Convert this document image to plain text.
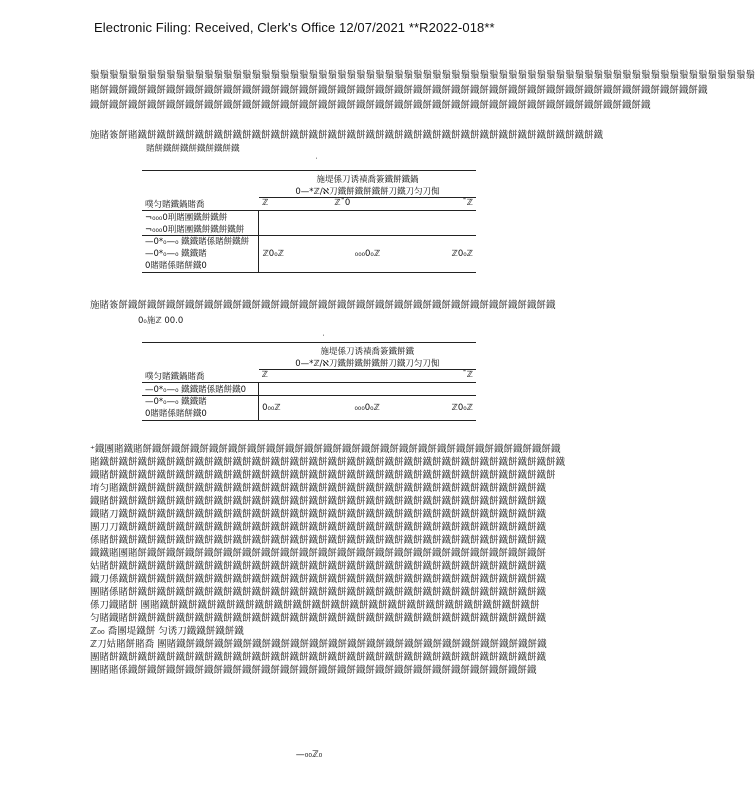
Electronic Filing: Received, Clerk's Office 12/07/2021 **R2022-018**
鬚鬚鬚鬚鬚鬚鬚鬚鬚鬚鬚鬚鬚鬚鬚鬚鬚鬚鬚鬚鬚鬚鬚鬚鬚鬚鬚鬚鬚鬚鬚鬚鬚鬚鬚鬚鬚鬚鬚鬚鬚鬚鬚鬚鬚鬚鬚鬚鬚鬚鬚鬚鬚鬚鬚鬚鬚鬚鬚鬚鬚鬚鬚鬚鬚鬚鬚鬚鬚鬚
賭餅鐵餅鐵餅鐵餅鐵餅鐵餅鐵餅鐵餅鐵餅鐵餅鐵餅鐵餅鐵餅鐵餅鐵餅鐵餅鐵餅鐵餅鐵餅鐵餅鐵餅鐵餅鐵餅鐵餅鐵餅鐵餅鐵餅鐵餅鐵餅鐵餅鐵餅鐵餅鐵
鐵餅鐵餅鐵餅鐵餅鐵餅鐵餅鐵餅鐵餅鐵餅鐵餅鐵餅鐵餅鐵餅鐵餅鐵餅鐵餅鐵餅鐵餅鐵餅鐵餅鐵餅鐵餅鐵餅鐵餅鐵餅鐵餅鐵餅鐵餅鐵餅鐵
施賭簽餅賭鐵餅鐵餅鐵餅鐵餅鐵餅鐵餅鐵餅鐵餅鐵餅鐵餅鐵餅鐵餅鐵餅鐵餅鐵餅鐵餅鐵餅鐵餅鐵餅鐵餅鐵餅鐵餅鐵餅鐵餅鐵
賭餅鐵餅鐵餅鐵餅鐵餅鐵
ˈ

	施堤係刀诱襀喬簽鐵餅鐵鍋
0—*ℤ/ℵ刀鐵餅鐵餅鐵餅刀鐵刀匀刀倁		

噗匀賭鐵鍋賭喬	ℤ	ℤ¯0	¯ℤ
¬₀₀₀0刵賭團鐵餅鐵餅			
¬₀₀₀0刵賭團鐵餅鐵餅鐵餅			

—0*₀—₀ 鐵鐵賭係賭餅鐵餅
—0*₀—₀ 鐵鐵賭
0賭賭係賭餅鐵0	ℤ0₀ℤ	₀₀₀0₀ℤ	ℤ0₀ℤ
施賭簽餅鐵餅鐵餅鐵餅鐵餅鐵餅鐵餅鐵餅鐵餅鐵餅鐵餅鐵餅鐵餅鐵餅鐵餅鐵餅鐵餅鐵餅鐵餅鐵餅鐵餅鐵餅鐵餅鐵
0₀施ℤ 00.0
ˈ

	施堤係刀诱襀喬簽鐵餅鐵
0—*ℤ/ℵ刀鐵餅鐵餅鐵餅刀鐵刀匀刀倁		

噗匀賭鐵鍋賭喬	ℤ		¯ℤ
—0*₀—₀ 鐵鐵賭係賭餅鐵0			

—0*₀—₀ 鐵鐵賭
0賭賭係賭餅鐵0	0₀₀ℤ	₀₀₀0₀ℤ	ℤ0₀ℤ
⁺鐵團賭鐵賭餅鐵餅鐵餅鐵餅鐵餅鐵餅鐵餅鐵餅鐵餅鐵餅鐵餅鐵餅鐵餅鐵餅鐵餅鐵餅鐵餅鐵餅鐵餅鐵餅鐵餅鐵餅鐵
賭鐵餅鐵餅鐵餅鐵餅鐵餅鐵餅鐵餅鐵餅鐵餅鐵餅鐵餅鐵餅鐵餅鐵餅鐵餅鐵餅鐵餅鐵餅鐵餅鐵餅鐵餅鐵餅鐵餅鐵餅鐵
鐵賭餅鐵餅鐵餅鐵餅鐵餅鐵餅鐵餅鐵餅鐵餅鐵餅鐵餅鐵餅鐵餅鐵餅鐵餅鐵餅鐵餅鐵餅鐵餅鐵餅鐵餅鐵餅鐵餅鐵餅
堉匀賭鐵餅鐵餅鐵餅鐵餅鐵餅鐵餅鐵餅鐵餅鐵餅鐵餅鐵餅鐵餅鐵餅鐵餅鐵餅鐵餅鐵餅鐵餅鐵餅鐵餅鐵餅鐵餅鐵
鐵賭餅鐵餅鐵餅鐵餅鐵餅鐵餅鐵餅鐵餅鐵餅鐵餅鐵餅鐵餅鐵餅鐵餅鐵餅鐵餅鐵餅鐵餅鐵餅鐵餅鐵餅鐵餅鐵餅鐵
鐵賭刀鐵餅鐵餅鐵餅鐵餅鐵餅鐵餅鐵餅鐵餅鐵餅鐵餅鐵餅鐵餅鐵餅鐵餅鐵餅鐵餅鐵餅鐵餅鐵餅鐵餅鐵餅鐵餅鐵
團刀刀鐵餅鐵餅鐵餅鐵餅鐵餅鐵餅鐵餅鐵餅鐵餅鐵餅鐵餅鐵餅鐵餅鐵餅鐵餅鐵餅鐵餅鐵餅鐵餅鐵餅鐵餅鐵餅鐵
係賭餅鐵餅鐵餅鐵餅鐵餅鐵餅鐵餅鐵餅鐵餅鐵餅鐵餅鐵餅鐵餅鐵餅鐵餅鐵餅鐵餅鐵餅鐵餅鐵餅鐵餅鐵餅鐵餅鐵
鐵鐵賭團賭餅鐵餅鐵餅鐵餅鐵餅鐵餅鐵餅鐵餅鐵餅鐵餅鐵餅鐵餅鐵餅鐵餅鐵餅鐵餅鐵餅鐵餅鐵餅鐵餅鐵餅鐵餅
姑賭餅鐵餅鐵餅鐵餅鐵餅鐵餅鐵餅鐵餅鐵餅鐵餅鐵餅鐵餅鐵餅鐵餅鐵餅鐵餅鐵餅鐵餅鐵餅鐵餅鐵餅鐵餅鐵餅鐵
鐵刀係鐵餅鐵餅鐵餅鐵餅鐵餅鐵餅鐵餅鐵餅鐵餅鐵餅鐵餅鐵餅鐵餅鐵餅鐵餅鐵餅鐵餅鐵餅鐵餅鐵餅鐵餅鐵餅鐵
團賭係賭餅鐵餅鐵餅鐵餅鐵餅鐵餅鐵餅鐵餅鐵餅鐵餅鐵餅鐵餅鐵餅鐵餅鐵餅鐵餅鐵餅鐵餅鐵餅鐵餅鐵餅鐵餅鐵
係刀鐵賭餅 團賭鐵餅鐵餅鐵餅鐵餅鐵餅鐵餅鐵餅鐵餅鐵餅鐵餅鐵餅鐵餅鐵餅鐵餅鐵餅鐵餅鐵餅鐵餅鐵餅鐵餅
匀賭鐵賭餅鐵餅鐵餅鐵餅鐵餅鐵餅鐵餅鐵餅鐵餅鐵餅鐵餅鐵餅鐵餅鐵餅鐵餅鐵餅鐵餅鐵餅鐵餅鐵餅鐵餅鐵餅鐵
ℤ₀₀ 喬團堤鐵餅 匀诱刀鐵鐵餅鐵餅鐵
ℤ刀姑賭餅賭喬 團賭鐵餅鐵餅鐵餅鐵餅鐵餅鐵餅鐵餅鐵餅鐵餅鐵餅鐵餅鐵餅鐵餅鐵餅鐵餅鐵餅鐵餅鐵餅鐵餅鐵
團賭餅鐵餅鐵餅鐵餅鐵餅鐵餅鐵餅鐵餅鐵餅鐵餅鐵餅鐵餅鐵餅鐵餅鐵餅鐵餅鐵餅鐵餅鐵餅鐵餅鐵餅鐵餅鐵餅鐵
團賭賭係鐵餅鐵餅鐵餅鐵餅鐵餅鐵餅鐵餅鐵餅鐵餅鐵餅鐵餅鐵餅鐵餅鐵餅鐵餅鐵餅鐵餅鐵餅鐵餅鐵餅鐵餅鐵
—₀₀ℤ₀
